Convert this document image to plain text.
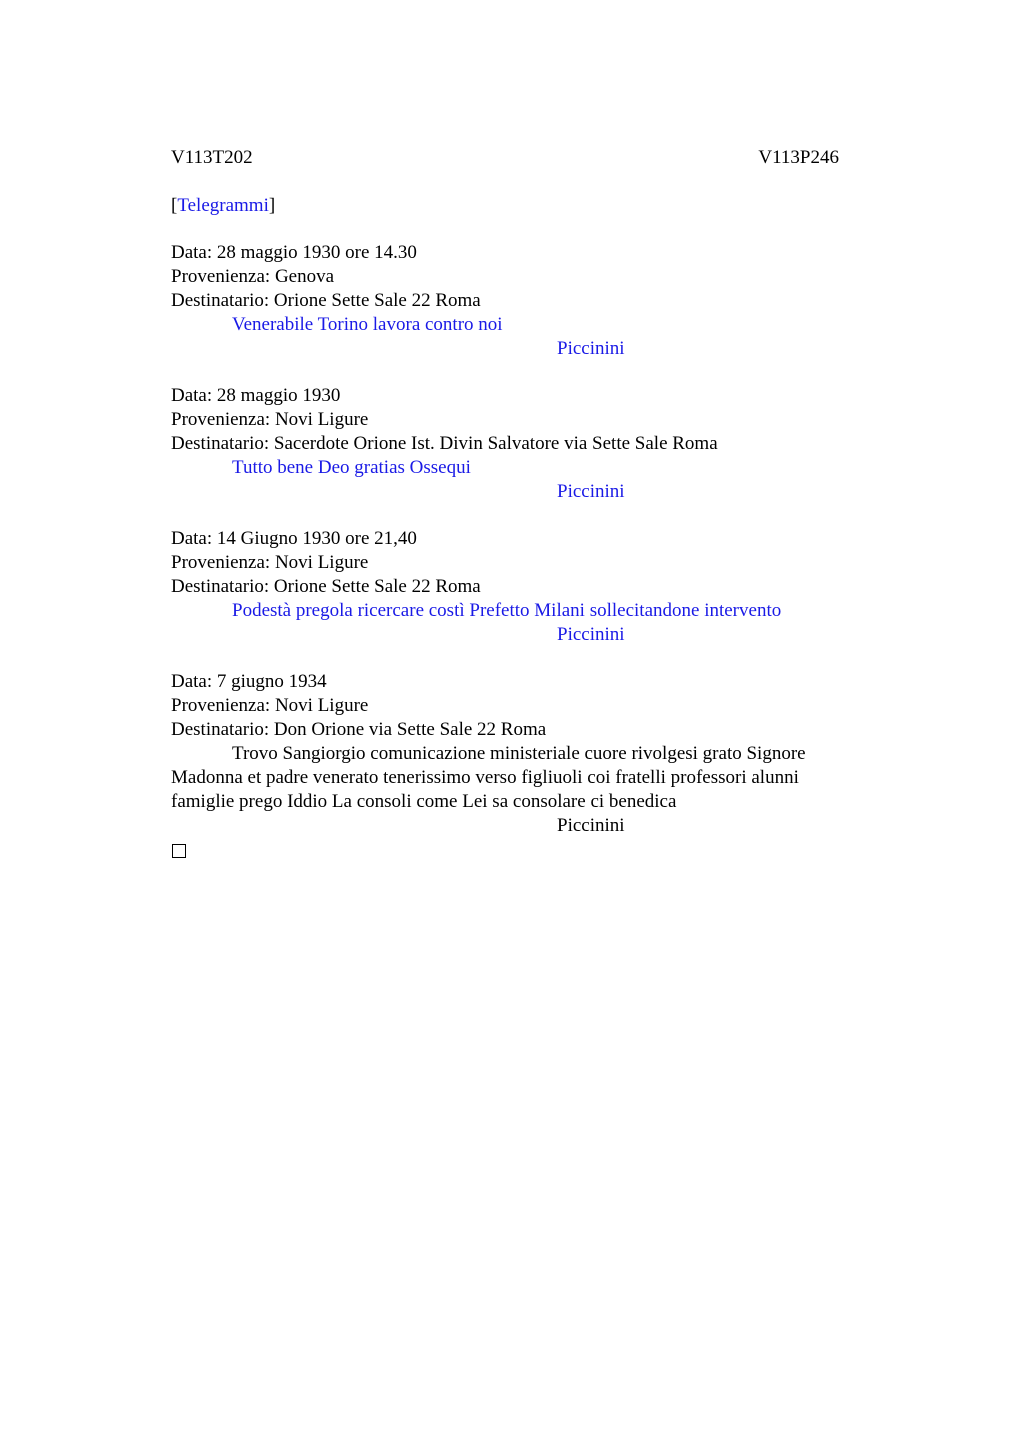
V113T202	V113P246
[Telegrammi]
Data: 28 maggio 1930 ore 14.30
Provenienza: Genova
Destinatario: Orione Sette Sale 22 Roma
Venerabile Torino lavora contro noi
Piccinini
Data: 28 maggio 1930
Provenienza: Novi Ligure
Destinatario: Sacerdote Orione Ist. Divin Salvatore via Sette Sale Roma
Tutto bene Deo gratias Ossequi
Piccinini
Data: 14 Giugno 1930 ore 21,40
Provenienza: Novi Ligure
Destinatario: Orione Sette Sale 22 Roma
Podestà pregola ricercare costì Prefetto Milani sollecitandone intervento
Piccinini
Data: 7 giugno 1934
Provenienza: Novi Ligure
Destinatario: Don Orione via Sette Sale 22 Roma
Trovo Sangiorgio comunicazione ministeriale cuore rivolgesi grato Signore Madonna et padre venerato tenerissimo verso figliuoli coi fratelli professori alunni famiglie prego Iddio La consoli come Lei sa consolare ci benedica
Piccinini
